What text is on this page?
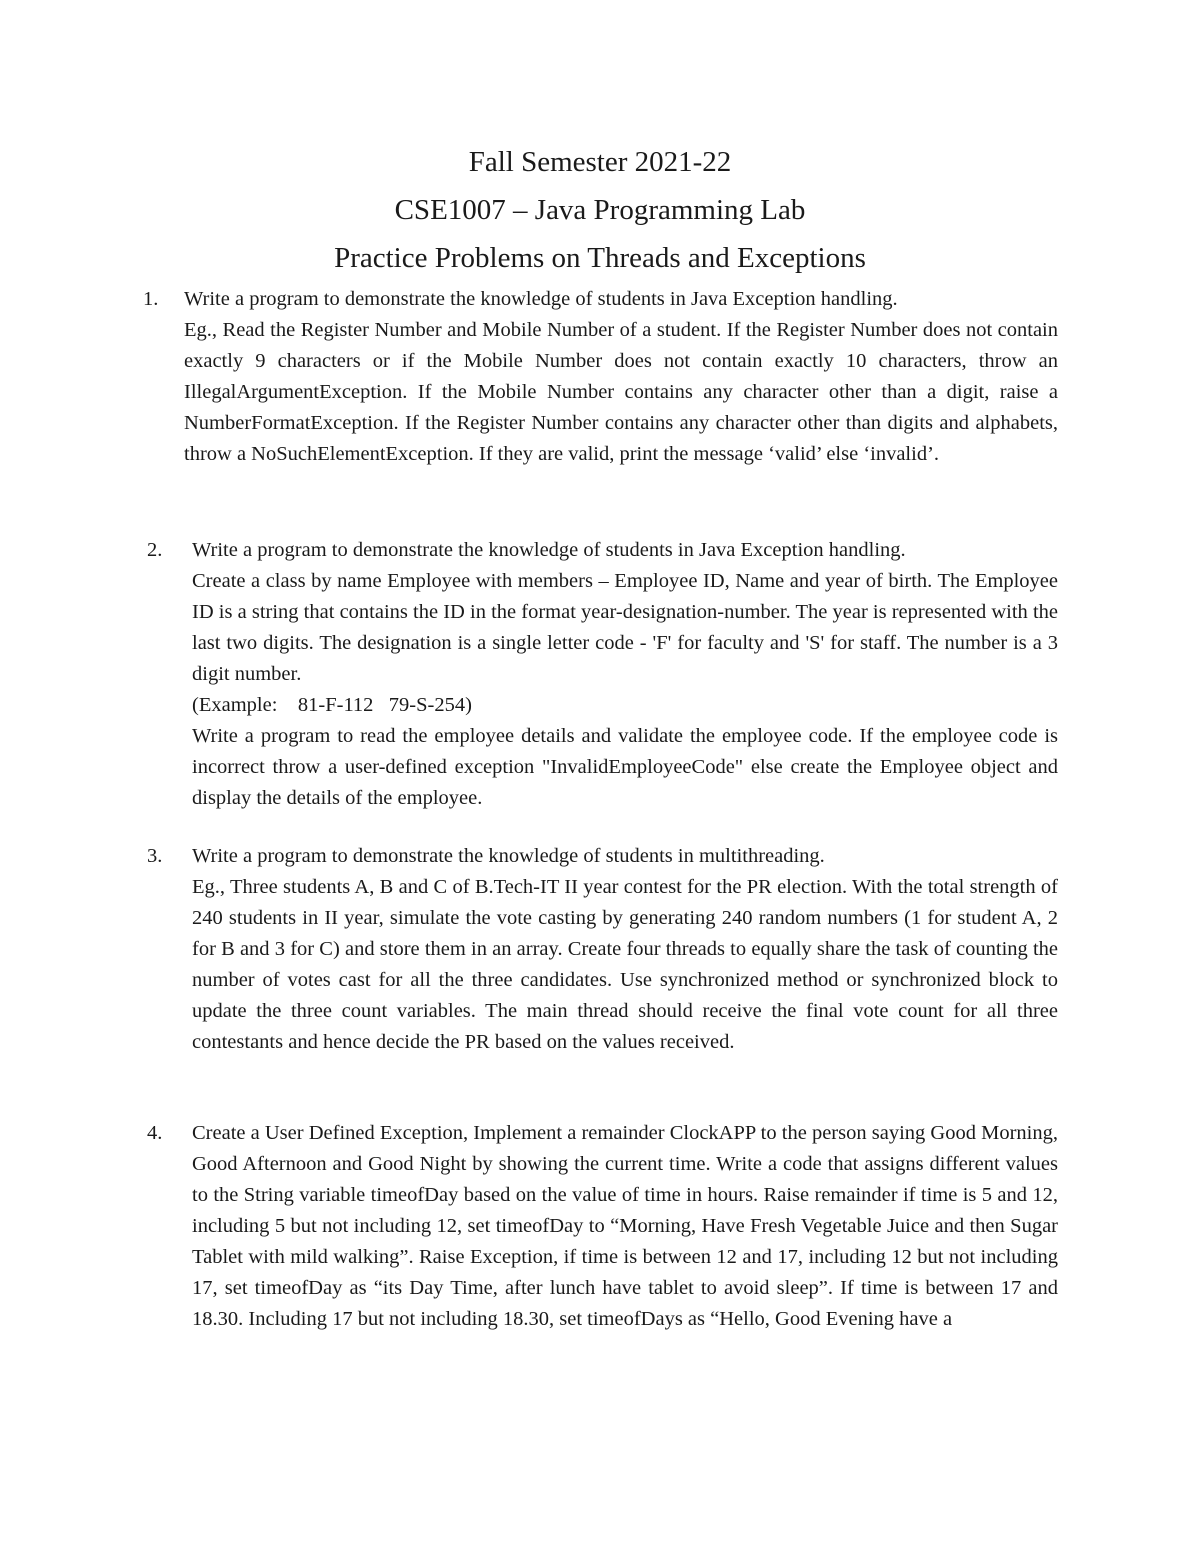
Fall Semester 2021-22
CSE1007 – Java Programming Lab
Practice Problems on Threads and Exceptions
1. Write a program to demonstrate the knowledge of students in Java Exception handling.
Eg., Read the Register Number and Mobile Number of a student. If the Register Number does not contain exactly 9 characters or if the Mobile Number does not contain exactly 10 characters, throw an IllegalArgumentException. If the Mobile Number contains any character other than a digit, raise a NumberFormatException. If the Register Number contains any character other than digits and alphabets, throw a NoSuchElementException. If they are valid, print the message ‘valid’ else ‘invalid’.
2. Write a program to demonstrate the knowledge of students in Java Exception handling.
Create a class by name Employee with members – Employee ID, Name and year of birth. The Employee ID is a string that contains the ID in the format year-designation-number. The year is represented with the last two digits. The designation is a single letter code - 'F' for faculty and 'S' for staff. The number is a 3 digit number.
(Example:    81-F-112   79-S-254)
Write a program to read the employee details and validate the employee code. If the employee code is incorrect throw a user-defined exception "InvalidEmployeeCode" else create the Employee object and display the details of the employee.
3. Write a program to demonstrate the knowledge of students in multithreading.
Eg., Three students A, B and C of B.Tech-IT II year contest for the PR election. With the total strength of 240 students in II year, simulate the vote casting by generating 240 random numbers (1 for student A, 2 for B and 3 for C) and store them in an array. Create four threads to equally share the task of counting the number of votes cast for all the three candidates. Use synchronized method or synchronized block to update the three count variables. The main thread should receive the final vote count for all three contestants and hence decide the PR based on the values received.
4. Create a User Defined Exception, Implement a remainder ClockAPP to the person saying Good Morning, Good Afternoon and Good Night by showing the current time. Write a code that assigns different values to the String variable timeofDay based on the value of time in hours. Raise remainder if time is 5 and 12, including 5 but not including 12, set timeofDay to “Morning, Have Fresh Vegetable Juice and then Sugar Tablet with mild walking”. Raise Exception, if time is between 12 and 17, including 12 but not including 17, set timeofDay as “its Day Time, after lunch have tablet to avoid sleep”. If time is between 17 and 18.30. Including 17 but not including 18.30, set timeofDays as “Hello, Good Evening have a
